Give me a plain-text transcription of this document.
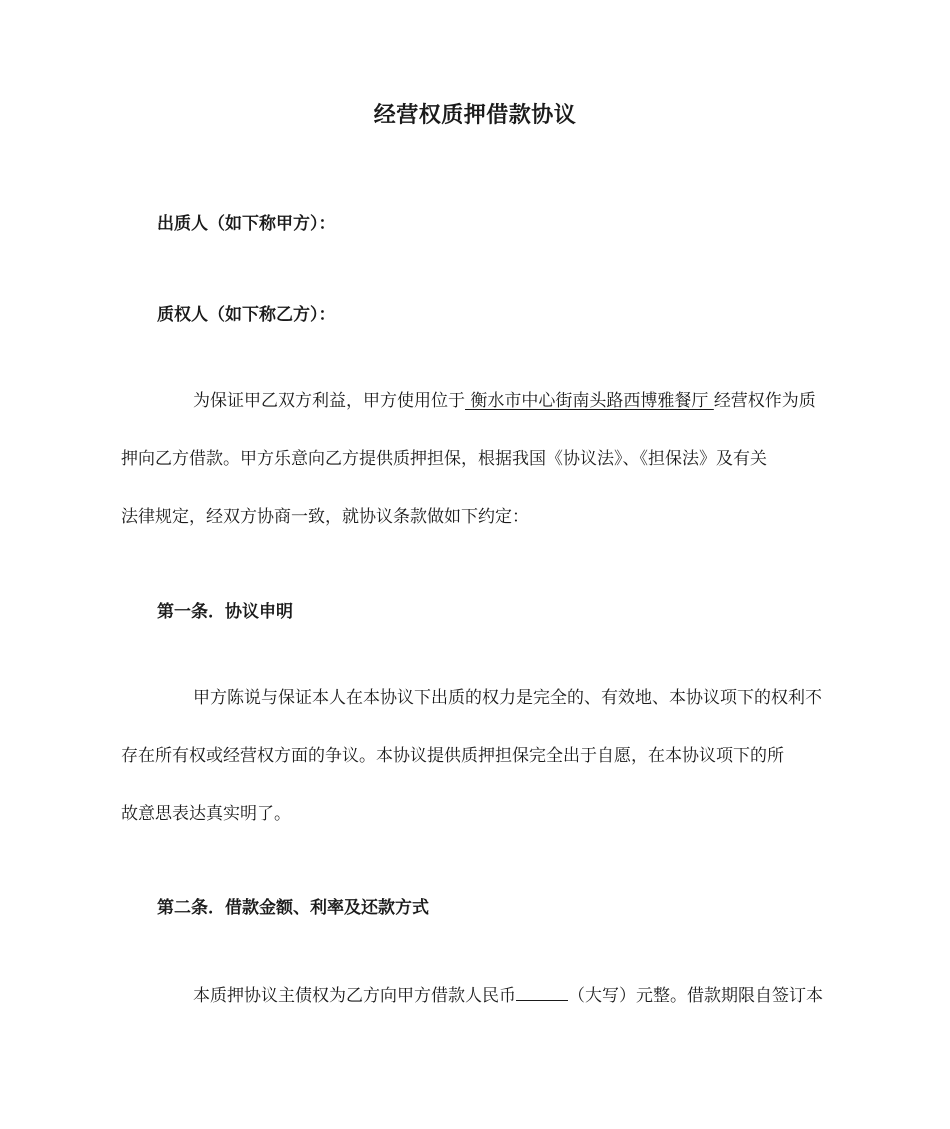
经营权质押借款协议
出质人（如下称甲方）：
质权人（如下称乙方）：
为保证甲乙双方利益，甲方使用位于 衡水市中心街南头路西博雅餐厅 经营权作为质
押向乙方借款。甲方乐意向乙方提供质押担保，根据我国《协议法》、《担保法》及有关
法律规定，经双方协商一致，就协议条款做如下约定：
第一条．协议申明
甲方陈说与保证本人在本协议下出质的权力是完全的、有效地、本协议项下的权利不
存在所有权或经营权方面的争议。本协议提供质押担保完全出于自愿，在本协议项下的所
故意思表达真实明了。
第二条．借款金额、利率及还款方式
本质押协议主债权为乙方向甲方借款人民币	（大写）元整。借款期限自签订本
